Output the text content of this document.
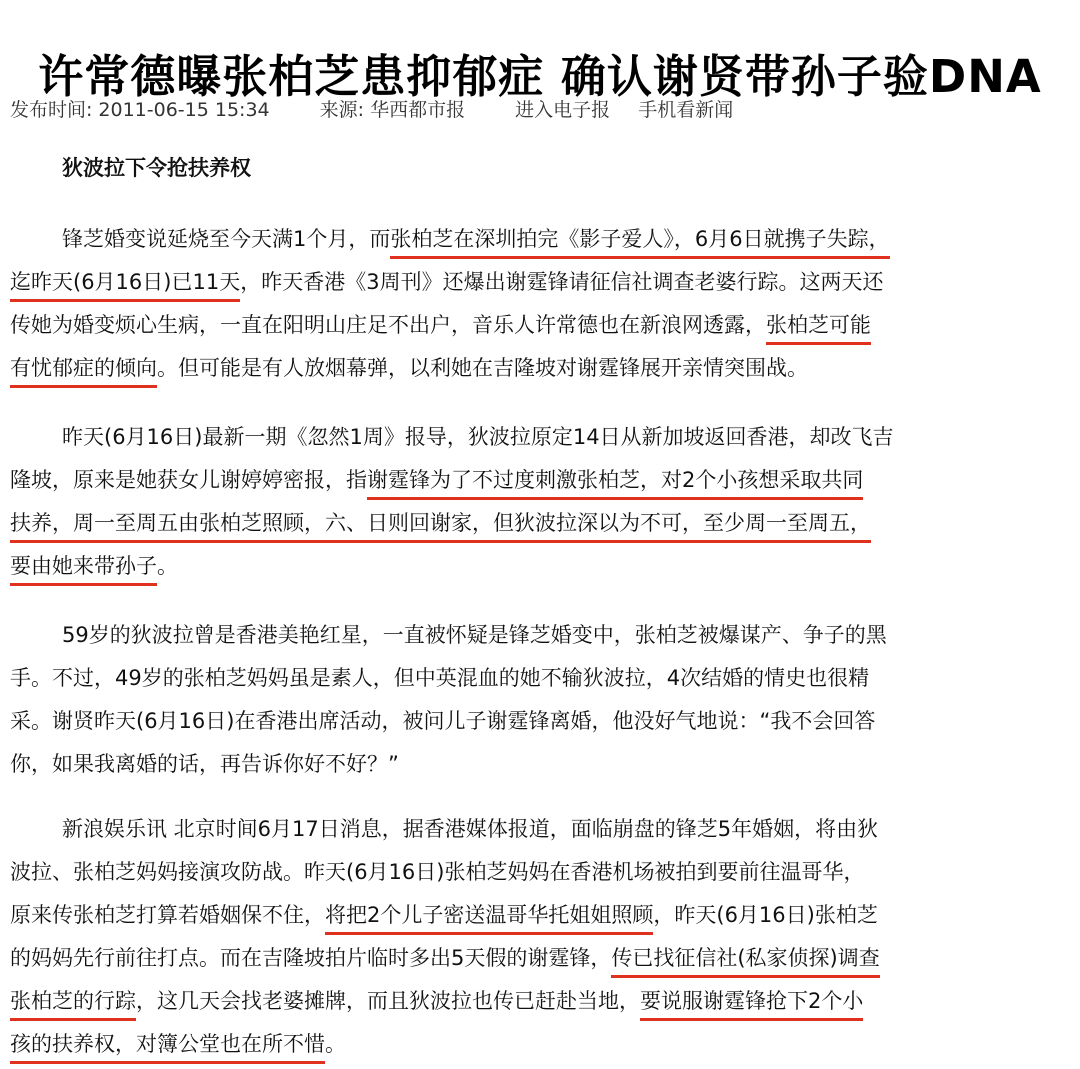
许常德曝张柏芝患抑郁症 确认谢贤带孙子验DNA
发布时间: 2011-06-15 15:34	来源: 华西都市报	进入电子报 手机看新闻
狄波拉下令抢扶养权
锋芝婚变说延烧至今天满1个月，而张柏芝在深圳拍完《影子爱人》，6月6日就携子失踪，
迄昨天(6月16日)已11天，昨天香港《3周刊》还爆出谢霆锋请征信社调查老婆行踪。这两天还
传她为婚变烦心生病，一直在阳明山庄足不出户，音乐人许常德也在新浪网透露，张柏芝可能
有忧郁症的倾向。但可能是有人放烟幕弹，以利她在吉隆坡对谢霆锋展开亲情突围战。
昨天(6月16日)最新一期《忽然1周》报导，狄波拉原定14日从新加坡返回香港，却改飞吉
隆坡，原来是她获女儿谢婷婷密报，指谢霆锋为了不过度刺激张柏芝，对2个小孩想采取共同
扶养，周一至周五由张柏芝照顾，六、日则回谢家，但狄波拉深以为不可，至少周一至周五，
要由她来带孙子。
59岁的狄波拉曾是香港美艳红星，一直被怀疑是锋芝婚变中，张柏芝被爆谋产、争子的黑
手。不过，49岁的张柏芝妈妈虽是素人，但中英混血的她不输狄波拉，4次结婚的情史也很精
采。谢贤昨天(6月16日)在香港出席活动，被问儿子谢霆锋离婚，他没好气地说：“我不会回答
你，如果我离婚的话，再告诉你好不好？”
新浪娱乐讯 北京时间6月17日消息，据香港媒体报道，面临崩盘的锋芝5年婚姻，将由狄
波拉、张柏芝妈妈接演攻防战。昨天(6月16日)张柏芝妈妈在香港机场被拍到要前往温哥华，
原来传张柏芝打算若婚姻保不住，将把2个儿子密送温哥华托姐姐照顾，昨天(6月16日)张柏芝
的妈妈先行前往打点。而在吉隆坡拍片临时多出5天假的谢霆锋，传已找征信社(私家侦探)调查
张柏芝的行踪，这几天会找老婆摊牌，而且狄波拉也传已赶赴当地，要说服谢霆锋抢下2个小
孩的扶养权，对簿公堂也在所不惜。
